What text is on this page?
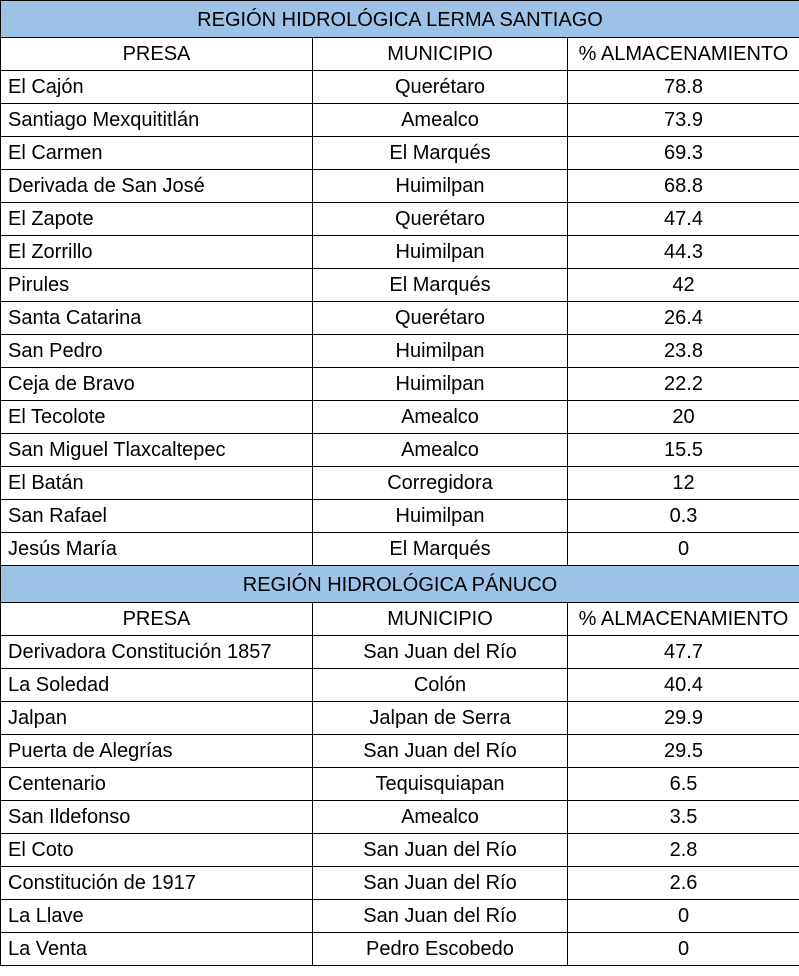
REGIÓN HIDROLÓGICA LERMA SANTIAGO		
PRESA	MUNICIPIO	% ALMACENAMIENTO
El Cajón	Querétaro	78.8
Santiago Mexquititlán	Amealco	73.9
El Carmen	El Marqués	69.3
Derivada de San José	Huimilpan	68.8
El Zapote	Querétaro	47.4
El Zorrillo	Huimilpan	44.3
Pirules	El Marqués	42
Santa Catarina	Querétaro	26.4
San Pedro	Huimilpan	23.8
Ceja de Bravo	Huimilpan	22.2
El Tecolote	Amealco	20
San Miguel Tlaxcaltepec	Amealco	15.5
El Batán	Corregidora	12
San Rafael	Huimilpan	0.3
Jesús María	El Marqués	0
REGIÓN HIDROLÓGICA PÁNUCO		
PRESA	MUNICIPIO	% ALMACENAMIENTO
Derivadora Constitución 1857	San Juan del Río	47.7
La Soledad	Colón	40.4
Jalpan	Jalpan de Serra	29.9
Puerta de Alegrías	San Juan del Río	29.5
Centenario	Tequisquiapan	6.5
San Ildefonso	Amealco	3.5
El Coto	San Juan del Río	2.8
Constitución de 1917	San Juan del Río	2.6
La Llave	San Juan del Río	0
La Venta	Pedro Escobedo	0
